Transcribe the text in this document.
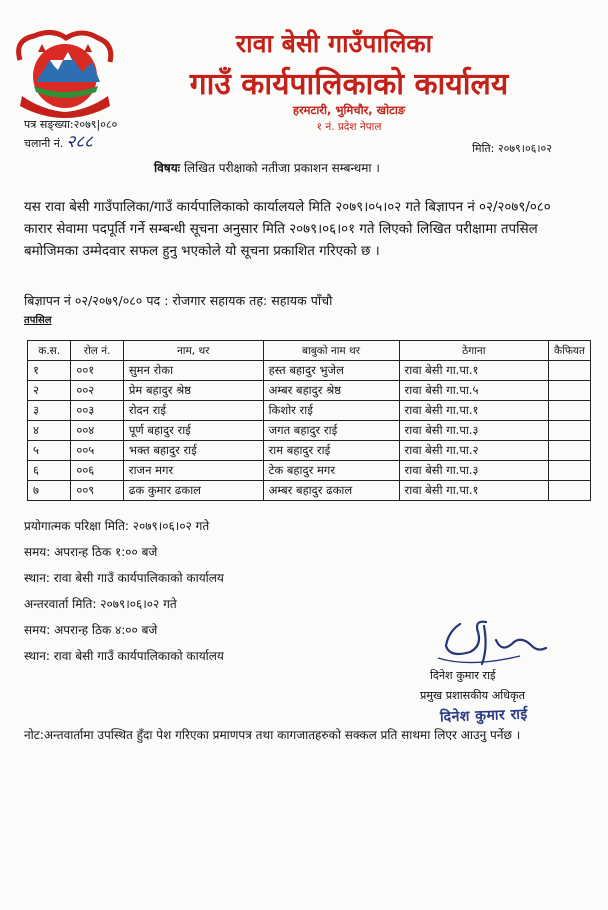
रावा बेसी गाउँपालिका
गाउँ कार्यपालिकाको कार्यालय
हरमटारी, भुमिचौर, खोटाङ
१ नं. प्रदेश नेपाल
पत्र सङ्ख्या:२०७९|०८०
चलानी नं. २८८	मिति: २०७९।०६।०२
विषयः लिखित परीक्षाको नतीजा प्रकाशन सम्बन्धमा ।
यस रावा बेसी गाउँपालिका/गाउँ कार्यपालिकाको कार्यालयले मिति २०७९।०५।०२ गते बिज्ञापन नं ०२/२०७९/०८० कारार सेवामा पदपूर्ति गर्ने सम्बन्धी सूचना अनुसार मिति २०७९।०६।०१ गते लिएको लिखित परीक्षामा तपसिल बमोजिमका उम्मेदवार सफल हुनु भएकोले यो सूचना प्रकाशित गरिएको छ ।
बिज्ञापन नं ०२/२०७९/०८० पद : रोजगार सहायक तह: सहायक पाँचौ
तपसिल
क.स.	रोल नं.	नाम, थर	बाबुको नाम थर	ठेगाना	कैफियत
१	००१	सुमन रोका	हस्त बहादुर भुजेल	रावा बेसी गा.पा.१	
२	००२	प्रेम बहादुर श्रेष्ठ	अम्बर बहादुर श्रेष्ठ	रावा बेसी गा.पा.५	
३	००३	रोदन राई	किशोर राई	रावा बेसी गा.पा.१	
४	००४	पूर्ण बहादुर राई	जगत बहादुर राई	रावा बेसी गा.पा.३	
५	००५	भक्त बहादुर राई	राम बहादुर राई	रावा बेसी गा.पा.२	
६	००६	राजन मगर	टेक बहादुर मगर	रावा बेसी गा.पा.३	
७	००९	ढक कुमार ढकाल	अम्बर बहादुर ढकाल	रावा बेसी गा.पा.१	
प्रयोगात्मक परिक्षा मिति: २०७९।०६।०२ गते
समय: अपरान्ह ठिक १:०० बजे
स्थान: रावा बेसी गाउँ कार्यपालिकाको कार्यालय
अन्तरवार्ता मिति: २०७९।०६।०२ गते
समय: अपरान्ह ठिक ४:०० बजे
स्थान: रावा बेसी गाउँ कार्यपालिकाको कार्यालय
दिनेश कुमार राई
प्रमुख प्रशासकीय अधिकृत
दिनेश कुमार राई
नोट:अन्तवार्तामा उपस्थित हुँदा पेश गरिएका प्रमाणपत्र तथा कागजातहरुको सक्कल प्रति साथमा लिएर आउनु पर्नेछ ।
